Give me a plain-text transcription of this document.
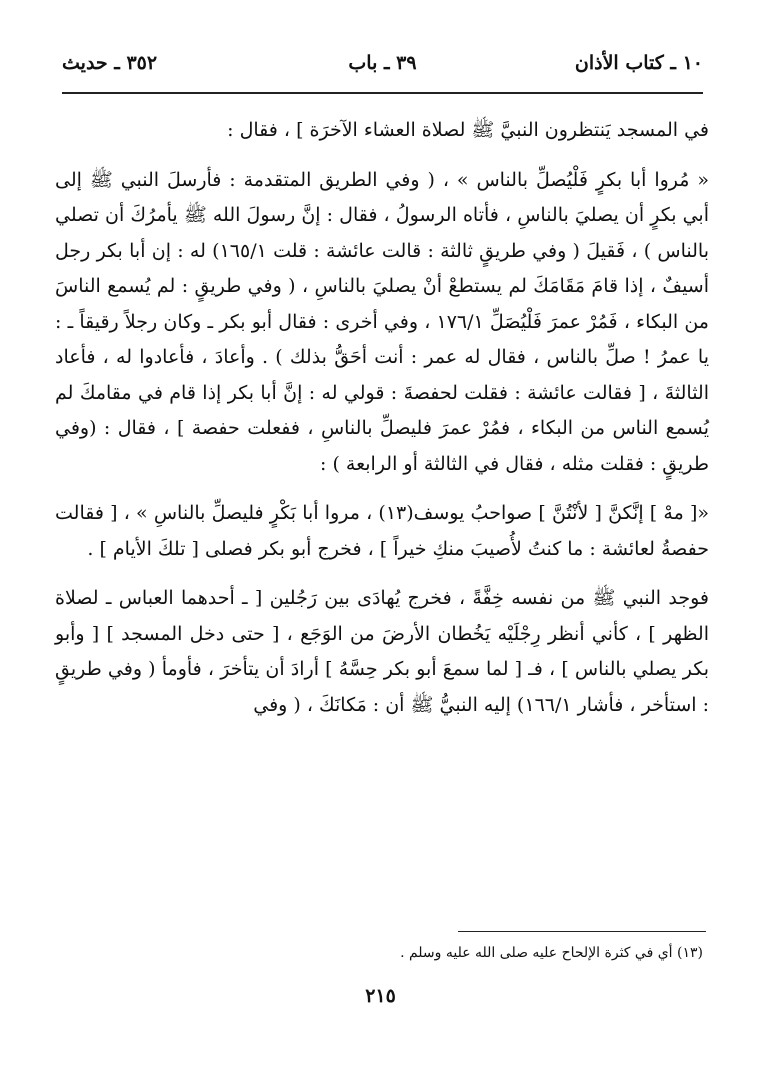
١٠ ـ كتاب الأذان
٣٩ ـ باب
٣٥٢ ـ حديث

في المسجد يَنتظرون النبيَّ ﷺ لصلاة العشاء الآخرَة ] ، فقال :

« مُروا أبا بكرٍ فَلْيُصلِّ بالناس » ، ( وفي الطريق المتقدمة : فأرسلَ النبي ﷺ إلى أبي بكرٍ أن يصليَ بالناسِ ، فأتاه الرسولُ ، فقال : إنَّ رسولَ الله ﷺ يأمرُكَ أن تصلي بالناس ) ، فَقيلَ ( وفي طريقٍ ثالثة : قالت عائشة : قلت ١٦٥/١) له : إن أبا بكر رجل أسيفٌ ، إذا قامَ مَقَامَكَ لم يستطعْ أنْ يصليَ بالناسِ ، ( وفي طريقٍ : لم يُسمع الناسَ من البكاء ، فَمُرْ عمرَ فَلْيُصَلِّ ١٧٦/١ ، وفي أخرى : فقال أبو بكر ـ وكان رجلاً رقيقاً ـ : يا عمرُ ! صلِّ بالناس ، فقال له عمر : أنت أحَقُّ بذلك ) . وأعادَ ، فأعادوا له ، فأعاد الثالثةَ ، [ فقالت عائشة : فقلت لحفصةَ : قولي له : إنَّ أبا بكر إذا قام في مقامكَ لم يُسمع الناس من البكاء ، فمُرْ عمرَ فليصلِّ بالناسِ ، ففعلت حفصة ] ، فقال : (وفي طريقٍ : فقلت مثله ، فقال في الثالثة أو الرابعة ) :

«[ مهْ ] إنَّكنَّ [ لأنْتُنَّ ] صواحبُ يوسف(١٣) ، مروا أبا بَكْرٍ فليصلِّ بالناسِ » ، [ فقالت حفصةُ لعائشة : ما كنتُ لأُصيبَ منكِ خيراً ] ، فخرج أبو بكر فصلى [ تلكَ الأيام ] .

فوجد النبي ﷺ من نفسه خِفَّةً ، فخرج يُهادَى بين رَجُلين [ ـ أحدهما العباس ـ لصلاة الظهر ] ، كأني أنظر رِجْلَيْه يَخُطان الأرضَ من الوَجَع ، [ حتى دخل المسجد ] [ وأبو بكر يصلي بالناس ] ، فـ [ لما سمعَ أبو بكر حِسَّهُ ] أرادَ أن يتأخرَ ، فأومأ ( وفي طريقٍ : استأخر ، فأشار ١٦٦/١) إليه النبيُّ ﷺ أن : مَكانَكَ ، ( وفي

(١٣) أي في كثرة الإلحاح عليه صلى الله عليه وسلم .
٢١٥
